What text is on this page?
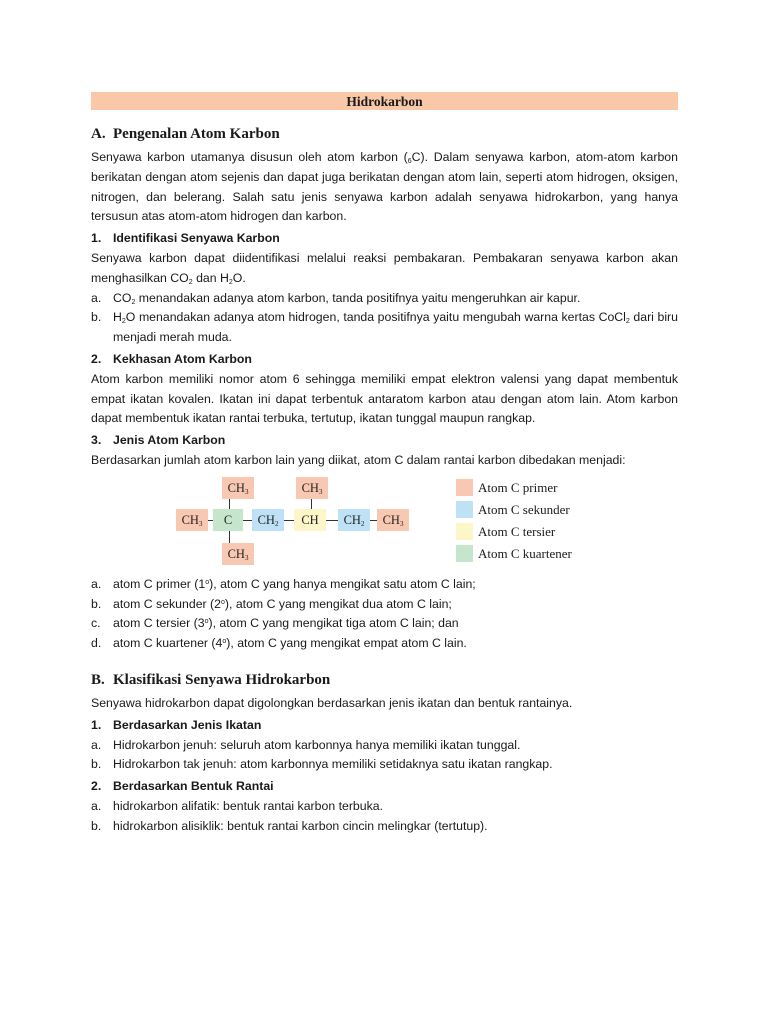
Hidrokarbon
A. Pengenalan Atom Karbon

Senyawa karbon utamanya disusun oleh atom karbon $(_6C)$. Dalam senyawa karbon, atom-atom karbon berikatan dengan atom sejenis dan dapat juga berikatan dengan atom lain, seperti atom hidrogen, oksigen, nitrogen, dan belerang. Salah satu jenis senyawa karbon adalah senyawa hidrokarbon, yang hanya tersusun atas atom-atom hidrogen dan karbon.

1. Identifikasi Senyawa Karbon

Senyawa karbon dapat diidentifikasi melalui reaksi pembakaran. Pembakaran senyawa karbon akan menghasilkan $CO_2$ dan $H_2O$.

a. $CO_2$ menandakan adanya atom karbon, tanda positifnya yaitu mengeruhkan air kapur.
b. $H_2O$ menandakan adanya atom hidrogen, tanda positifnya yaitu mengubah warna kertas CoCl$_2$ dari biru menjadi merah muda.
2. Kekhasan Atom Karbon

Atom karbon memiliki nomor atom 6 sehingga memiliki empat elektron valensi yang dapat membentuk empat ikatan kovalen. Ikatan ini dapat terbentuk antaratom karbon atau dengan atom lain. Atom karbon dapat membentuk ikatan rantai terbuka, tertutup, ikatan tunggal maupun rangkap.

3. Jenis Atom Karbon

Berdasarkan jumlah atom karbon lain yang diikat, atom C dalam rantai karbon dibedakan menjadi:

$CH_3$	$CH_3$
$CH_3$	C	$CH_2$	CH	$CH_2$	$CH_3$
$CH_3$
Atom C primer
Atom C sekunder
Atom C tersier
Atom C kuartener
a. atom C primer (1$^o$), atom C yang hanya mengikat satu atom C lain;
b. atom C sekunder (2$^o$), atom C yang mengikat dua atom C lain;
c. atom C tersier (3$^o$), atom C yang mengikat tiga atom C lain; dan
d. atom C kuartener (4$^o$), atom C yang mengikat empat atom C lain.
B. Klasifikasi Senyawa Hidrokarbon

Senyawa hidrokarbon dapat digolongkan berdasarkan jenis ikatan dan bentuk rantainya.

1. Berdasarkan Jenis Ikatan
a. Hidrokarbon jenuh: seluruh atom karbonnya hanya memiliki ikatan tunggal.
b. Hidrokarbon tak jenuh: atom karbonnya memiliki setidaknya satu ikatan rangkap.
2. Berdasarkan Bentuk Rantai
a. hidrokarbon alifatik: bentuk rantai karbon terbuka.
b. hidrokarbon alisiklik: bentuk rantai karbon cincin melingkar (tertutup).
